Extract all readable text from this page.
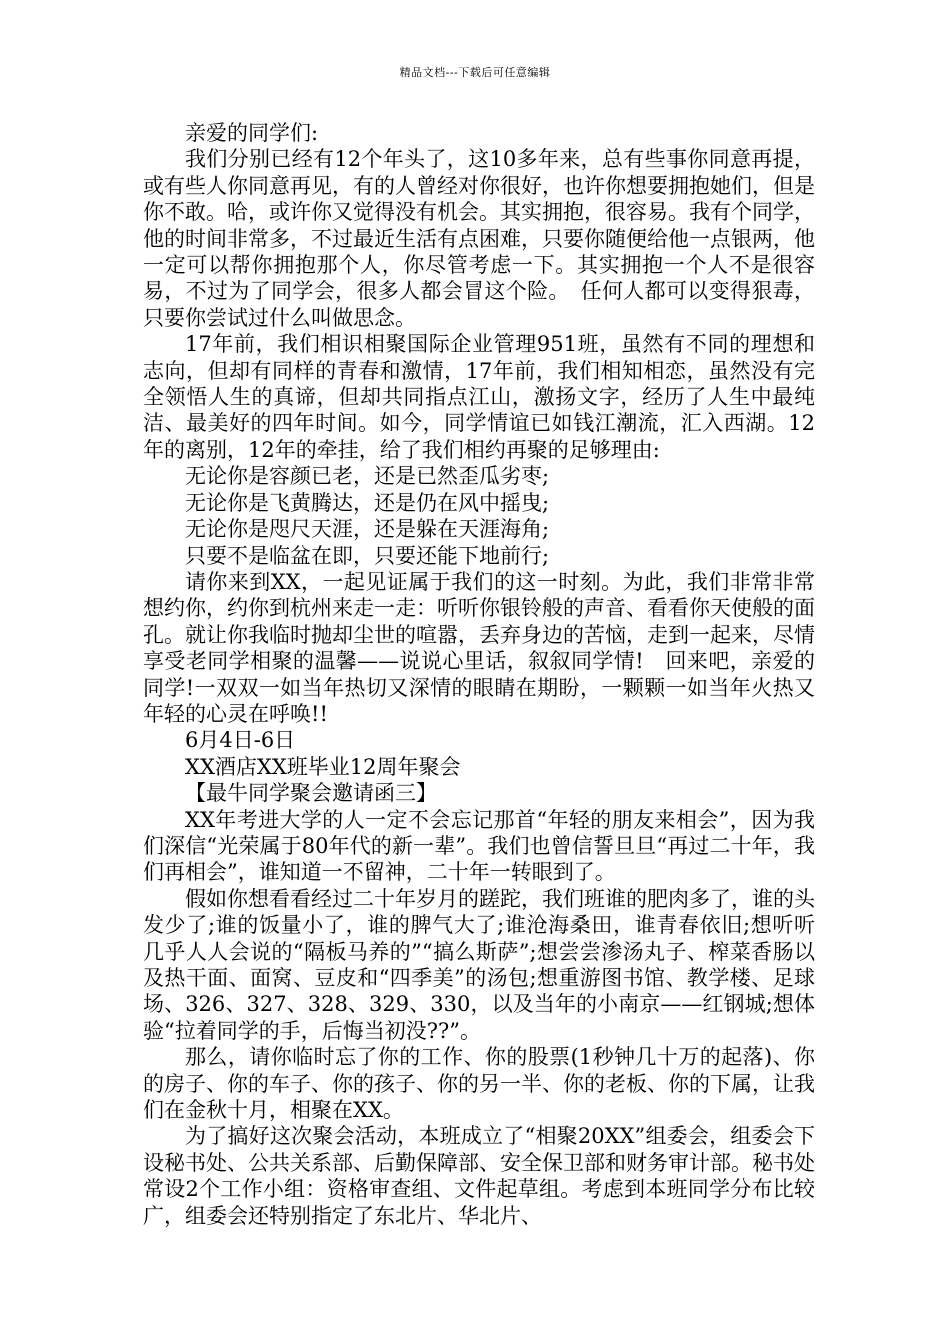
精品文档---下载后可任意编辑

亲爱的同学们:

我们分别已经有12个年头了，这10多年来，总有些事你同意再提，或有些人你同意再见，有的人曾经对你很好，也许你想要拥抱她们，但是你不敢。哈，或许你又觉得没有机会。其实拥抱，很容易。我有个同学，他的时间非常多，不过最近生活有点困难，只要你随便给他一点银两，他一定可以帮你拥抱那个人，你尽管考虑一下。其实拥抱一个人不是很容易，不过为了同学会，很多人都会冒这个险。　任何人都可以变得狠毒，只要你尝试过什么叫做思念。

17年前，我们相识相聚国际企业管理951班，虽然有不同的理想和志向，但却有同样的青春和激情，17年前，我们相知相恋，虽然没有完全领悟人生的真谛，但却共同指点江山，激扬文字，经历了人生中最纯洁、最美好的四年时间。如今，同学情谊已如钱江潮流，汇入西湖。12年的离别，12年的牵挂，给了我们相约再聚的足够理由:

无论你是容颜已老，还是已然歪瓜劣枣;

无论你是飞黄腾达，还是仍在风中摇曳;

无论你是咫尺天涯，还是躲在天涯海角;

只要不是临盆在即，只要还能下地前行;

请你来到XX，一起见证属于我们的这一时刻。为此，我们非常非常想约你，约你到杭州来走一走：听听你银铃般的声音、看看你天使般的面孔。就让你我临时抛却尘世的喧嚣，丢弃身边的苦恼，走到一起来，尽情享受老同学相聚的温馨——说说心里话，叙叙同学情!　回来吧，亲爱的同学!一双双一如当年热切又深情的眼睛在期盼，一颗颗一如当年火热又年轻的心灵在呼唤!!

6月4日-6日

XX酒店XX班毕业12周年聚会

【最牛同学聚会邀请函三】

XX年考进大学的人一定不会忘记那首“年轻的朋友来相会”，因为我们深信“光荣属于80年代的新一辈”。我们也曾信誓旦旦“再过二十年，我们再相会”，谁知道一不留神，二十年一转眼到了。

假如你想看看经过二十年岁月的蹉跎，我们班谁的肥肉多了，谁的头发少了;谁的饭量小了，谁的脾气大了;谁沧海桑田，谁青春依旧;想听听几乎人人会说的“隔板马养的”“搞么斯萨”;想尝尝渗汤丸子、榨菜香肠以及热干面、面窝、豆皮和“四季美”的汤包;想重游图书馆、教学楼、足球场、326、327、328、329、330，以及当年的小南京——红钢城;想体验“拉着同学的手，后悔当初没??”。

那么，请你临时忘了你的工作、你的股票(1秒钟几十万的起落)、你的房子、你的车子、你的孩子、你的另一半、你的老板、你的下属，让我们在金秋十月，相聚在XX。

为了搞好这次聚会活动，本班成立了“相聚20XX”组委会，组委会下设秘书处、公共关系部、后勤保障部、安全保卫部和财务审计部。秘书处常设2个工作小组：资格审查组、文件起草组。考虑到本班同学分布比较广，组委会还特别指定了东北片、华北片、
